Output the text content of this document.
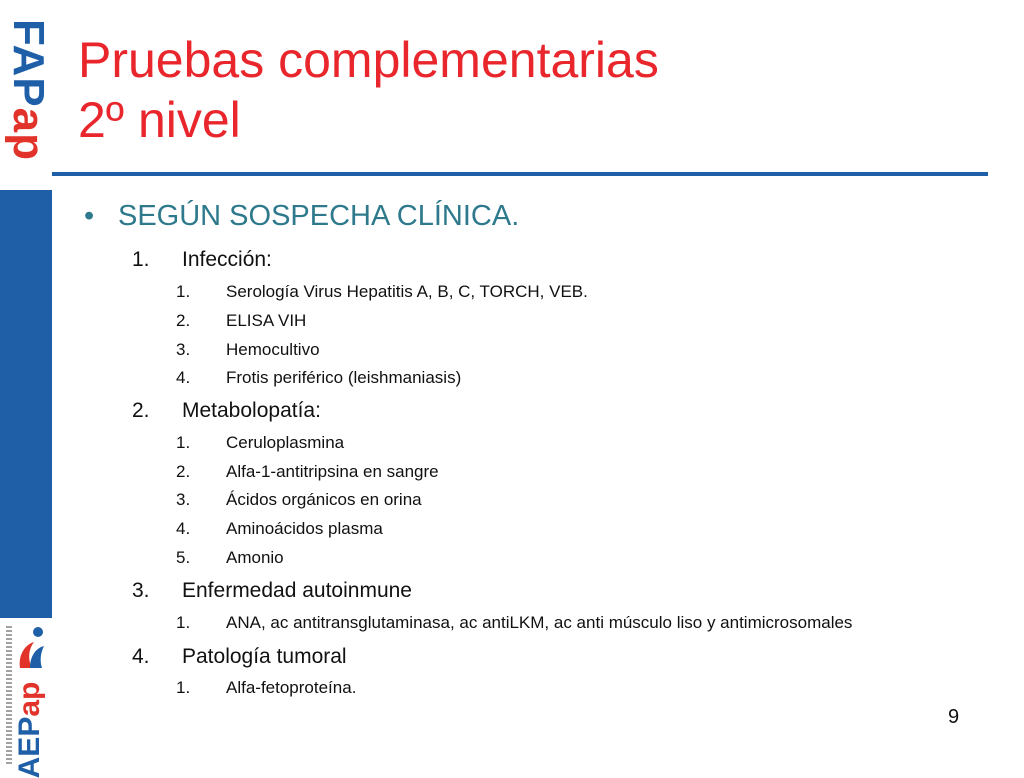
FAPap
AEPap
Pruebas complementarias
2º nivel
• SEGÚN SOSPECHA CLÍNICA.
1. Infección:
1. Serología Virus Hepatitis A, B, C, TORCH, VEB.
2. ELISA VIH
3. Hemocultivo
4. Frotis periférico (leishmaniasis)
2. Metabolopatía:
1. Ceruloplasmina
2. Alfa-1-antitripsina en sangre
3. Ácidos orgánicos en orina
4. Aminoácidos plasma
5. Amonio
3. Enfermedad autoinmune
1. ANA, ac antitransglutaminasa, ac antiLKM, ac anti músculo liso y antimicrosomales
4. Patología tumoral
1. Alfa-fetoproteína.
9
